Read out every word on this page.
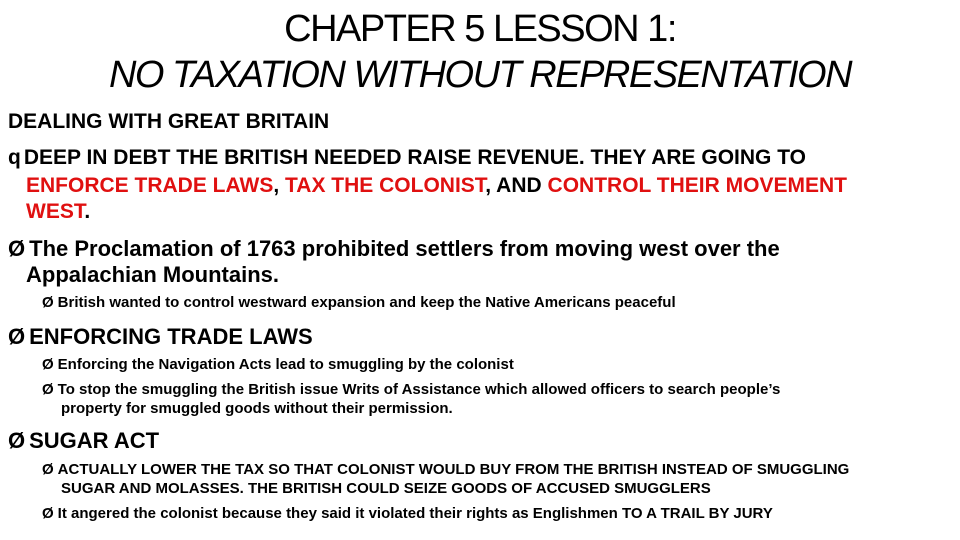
CHAPTER 5 LESSON 1:
NO TAXATION WITHOUT REPRESENTATION
DEALING WITH GREAT BRITAIN
q DEEP IN DEBT THE BRITISH NEEDED RAISE REVENUE. THEY ARE GOING TO
ENFORCE TRADE LAWS, TAX THE COLONIST, AND CONTROL THEIR MOVEMENT
WEST.
Ø The Proclamation of 1763 prohibited settlers from moving west over the
Appalachian Mountains.
Ø British wanted to control westward expansion and keep the Native Americans peaceful
Ø ENFORCING TRADE LAWS
Ø Enforcing the Navigation Acts lead to smuggling by the colonist
Ø To stop the smuggling the British issue Writs of Assistance which allowed officers to search people’s
property for smuggled goods without their permission.
Ø SUGAR ACT
Ø ACTUALLY LOWER THE TAX SO THAT COLONIST WOULD BUY FROM THE BRITISH INSTEAD OF SMUGGLING
SUGAR AND MOLASSES. THE BRITISH COULD SEIZE GOODS OF ACCUSED SMUGGLERS
Ø It angered the colonist because they said it violated their rights as Englishmen TO A TRAIL BY JURY
